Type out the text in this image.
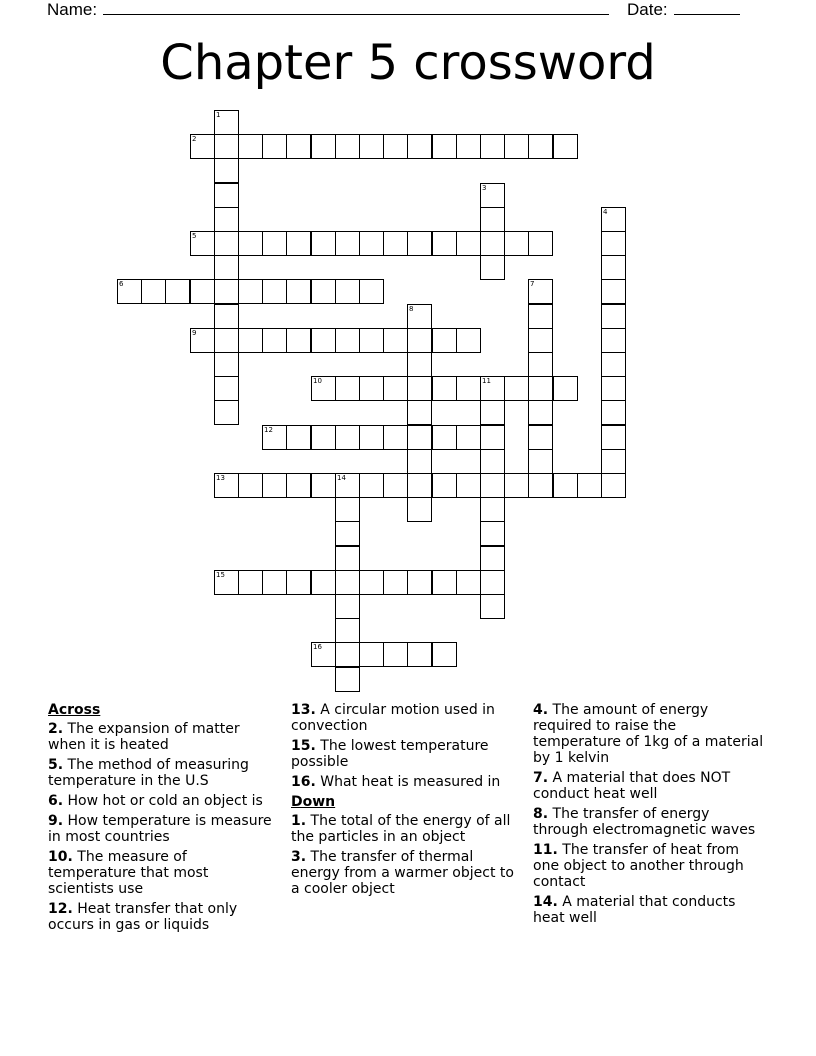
Name:	Date:
Chapter 5 crossword
1
2
3
4
5
6	7
8
9
10	11
12
13	14
15
16
Across
2. The expansion of matter when it is heated
5. The method of measuring temperature in the U.S
6. How hot or cold an object is
9. How temperature is measure in most countries
10. The measure of temperature that most scientists use
12. Heat transfer that only occurs in gas or liquids
13. A circular motion used in convection
15. The lowest temperature possible
16. What heat is measured in
Down
1. The total of the energy of all the particles in an object
3. The transfer of thermal energy from a warmer object to a cooler object
4. The amount of energy required to raise the temperature of 1kg of a material by 1 kelvin
7. A material that does NOT conduct heat well
8. The transfer of energy through electromagnetic waves
11. The transfer of heat from one object to another through contact
14. A material that conducts heat well
